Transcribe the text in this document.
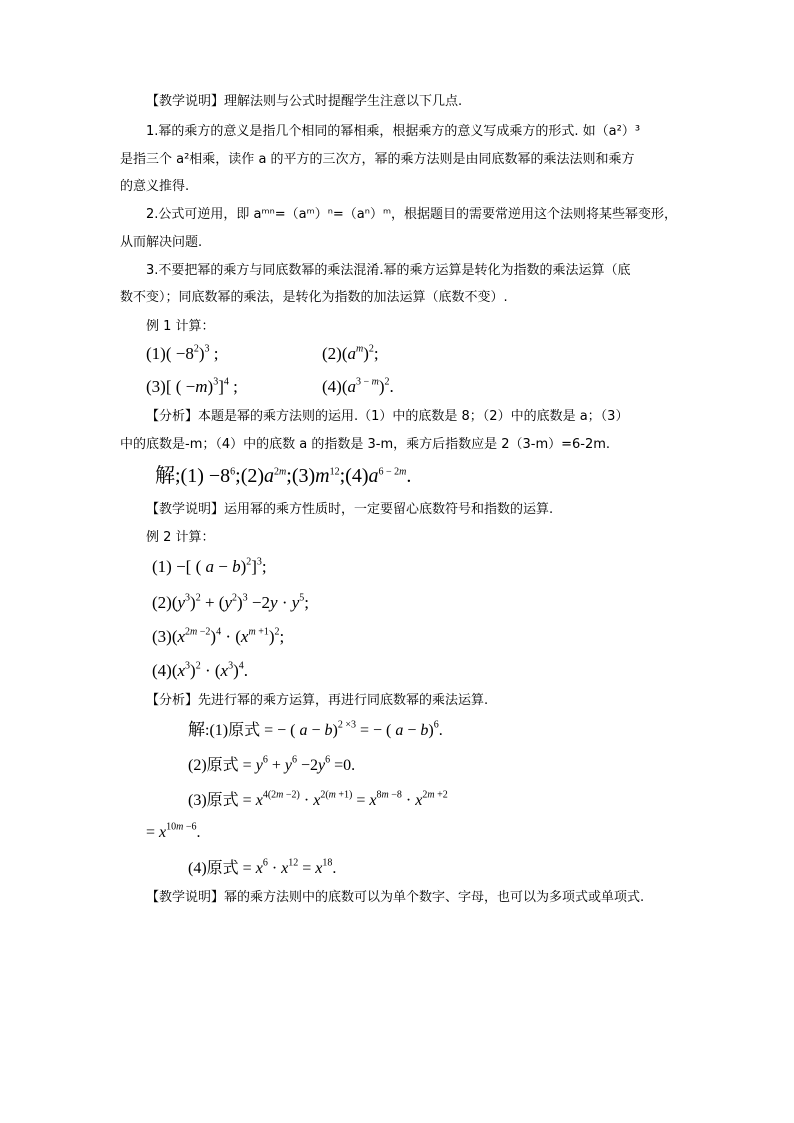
【教学说明】理解法则与公式时提醒学生注意以下几点.
1.幂的乘方的意义是指几个相同的幂相乘，根据乘方的意义写成乘方的形式. 如（a²）³
是指三个 a²相乘，读作 a 的平方的三次方，幂的乘方法则是由同底数幂的乘法法则和乘方
的意义推得.
2.公式可逆用，即 aᵐⁿ=（aᵐ）ⁿ=（aⁿ）ᵐ，根据题目的需要常逆用这个法则将某些幂变形，
从而解决问题.
3.不要把幂的乘方与同底数幂的乘法混淆.幂的乘方运算是转化为指数的乘法运算（底
数不变）；同底数幂的乘法，是转化为指数的加法运算（底数不变）.
例 1 计算：
$(1)( -8^2)^3$ ;	$(2)(a^m)^2$;
(3)[ ( −m)$^3$]$^4$ ;	$(4)(a^{3 - m})^2$.
【分析】本题是幂的乘方法则的运用.（1）中的底数是 8；（2）中的底数是 a；（3）
中的底数是-m；（4）中的底数 a 的指数是 3-m，乘方后指数应是 2（3-m）=6-2m.
解;(1) $-8^6;(2)a^{2m};(3)m^{12};(4)a^{6 - 2m}$.
【教学说明】运用幂的乘方性质时，一定要留心底数符号和指数的运算.
例 2 计算：
(1) −[ ( a − b)$^2$]$^3$;
$(2)(y^3)^2 + (y^2)^3 -2y \cdot y^5$;
$(3)(x^{2m -2})^4 \cdot (x^{m +1})^2$;
$(4)(x^3)^2 \cdot (x^3)^4$.
【分析】先进行幂的乘方运算，再进行同底数幂的乘法运算.
解:(1)原式 = − ( a − b)$^{2 \times 3}$ = − ( a − b)$^6$.
(2)原式 = $y^6 + y^6 -2y^6 =0$.
(3)原式 = $x^{4(2m -2)} \cdot x^{2(m +1)} = x^{8m -8} \cdot x^{2m +2}$
= $x^{10m -6}$.
(4)原式 = $x^6 \cdot x^{12} = x^{18}$.
【教学说明】幂的乘方法则中的底数可以为单个数字、字母，也可以为多项式或单项式.
